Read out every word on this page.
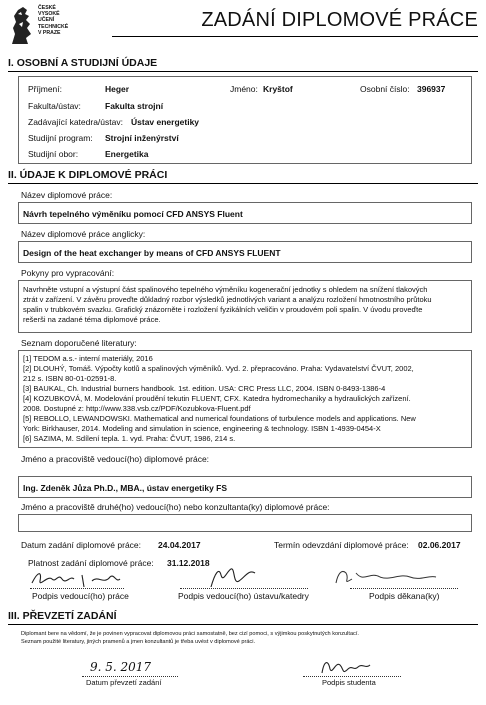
ČESKÉ
VYSOKÉ
UČENÍ
TECHNICKÉ
V PRAZE
ZADÁNÍ DIPLOMOVÉ PRÁCE
I. OSOBNÍ A STUDIJNÍ ÚDAJE
Příjmení:	Heger	Jméno: Kryštof	Osobní číslo: 396937
Fakulta/ústav:	Fakulta strojní
Zadávající katedra/ústav: Ústav energetiky
Studijní program: Strojní inženýrství
Studijní obor:	Energetika
II. ÚDAJE K DIPLOMOVÉ PRÁCI
Název diplomové práce:
Návrh tepelného výměníku pomocí CFD ANSYS Fluent
Název diplomové práce anglicky:
Design of the heat exchanger by means of CFD ANSYS FLUENT
Pokyny pro vypracování:
Navrhněte vstupní a výstupní část spalinového tepelného výměníku kogenerační jednotky s ohledem na snížení tlakových
ztrát v zařízení. V závěru proveďte důkladný rozbor výsledků jednotlivých variant a analýzu rozložení hmotnostního průtoku
spalin v trubkovém svazku. Grafický znázorněte i rozložení fyzikálních veličin v proudovém poli spalin. V úvodu proveďte
rešerši na zadané téma diplomové práce.
Seznam doporučené literatury:
[1] TEDOM a.s.- interní materiály, 2016
[2] DLOUHÝ, Tomáš. Výpočty kotlů a spalinových výměníků. Vyd. 2. přepracováno. Praha: Vydavatelství ČVUT, 2002,
212 s. ISBN 80-01-02591-8.
[3] BAUKAL, Ch. Industrial burners handbook. 1st. edition. USA: CRC Press LLC, 2004. ISBN 0-8493-1386-4
[4] KOZUBKOVÁ, M. Modelování proudění tekutin FLUENT, CFX. Katedra hydromechaniky a hydraulických zařízení.
2008. Dostupné z: http://www.338.vsb.cz/PDF/Kozubkova-Fluent.pdf
[5] REBOLLO, LEWANDOWSKI. Mathematical and numerical foundations of turbulence models and applications. New
York: Birkhauser, 2014. Modeling and simulation in science, engineering & technology. ISBN 1-4939-0454-X
[6] SAZIMA, M. Sdílení tepla. 1. vyd. Praha: ČVUT, 1986, 214 s.
Jméno a pracoviště vedoucí(ho) diplomové práce:
Ing. Zdeněk Jůza Ph.D., MBA., ústav energetiky FS
Jméno a pracoviště druhé(ho) vedoucí(ho) nebo konzultanta(ky) diplomové práce:
Datum zadání diplomové práce: 24.04.2017	Termín odevzdání diplomové práce: 02.06.2017
Platnost zadání diplomové práce: 31.12.2018
Podpis vedoucí(ho) práce	Podpis vedoucí(ho) ústavu/katedry	Podpis děkana(ky)
III. PŘEVZETÍ ZADÁNÍ
Diplomant bere na vědomí, že je povinen vypracovat diplomovou práci samostatně, bez cizí pomoci, s výjimkou poskytnutých konzultací.
Seznam použité literatury, jiných pramenů a jmen konzultantů je třeba uvést v diplomové práci.
9. 5. 2017
Datum převzetí zadání	Podpis studenta
